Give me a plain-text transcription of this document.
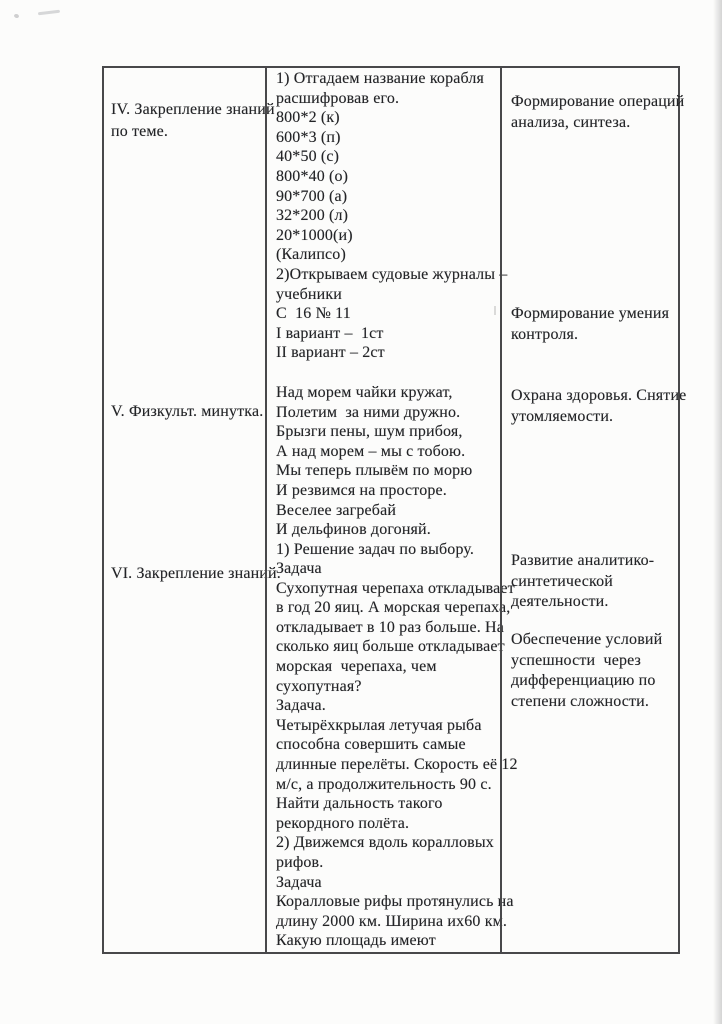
IV. Закрепление знаний
по теме.
V. Физкульт. минутка.
VI. Закрепление знаний.
1) Отгадаем название корабля
расшифровав его.
800*2 (к)
600*3 (п)
40*50 (с)
800*40 (о)
90*700 (а)
32*200 (л)
20*1000(и)
(Калипсо)
2)Открываем судовые журналы –
учебники
С  16 № 11
I вариант –  1ст
II вариант – 2ст
Над морем чайки кружат,
Полетим  за ними дружно.
Брызги пены, шум прибоя,
А над морем – мы с тобою.
Мы теперь плывём по морю
И резвимся на просторе.
Веселее загребай
И дельфинов догоняй.
1) Решение задач по выбору.
Задача
Сухопутная черепаха откладывает
в год 20 яиц. А морская черепаха,
откладывает в 10 раз больше. На
сколько яиц больше откладывает
морская  черепаха, чем
сухопутная?
Задача.
Четырёхкрылая летучая рыба
способна совершить самые
длинные перелёты. Скорость её 12
м/с, а продолжительность 90 с.
Найти дальность такого
рекордного полёта.
2) Движемся вдоль коралловых
рифов.
Задача
Коралловые рифы протянулись на
длину 2000 км. Ширина их60 км.
Какую площадь имеют
Формирование операций
анализа, синтеза.
Формирование умения
контроля.
Охрана здоровья. Снятие
утомляемости.
Развитие аналитико-
синтетической
деятельности.
Обеспечение условий
успешности  через
дифференциацию по
степени сложности.
